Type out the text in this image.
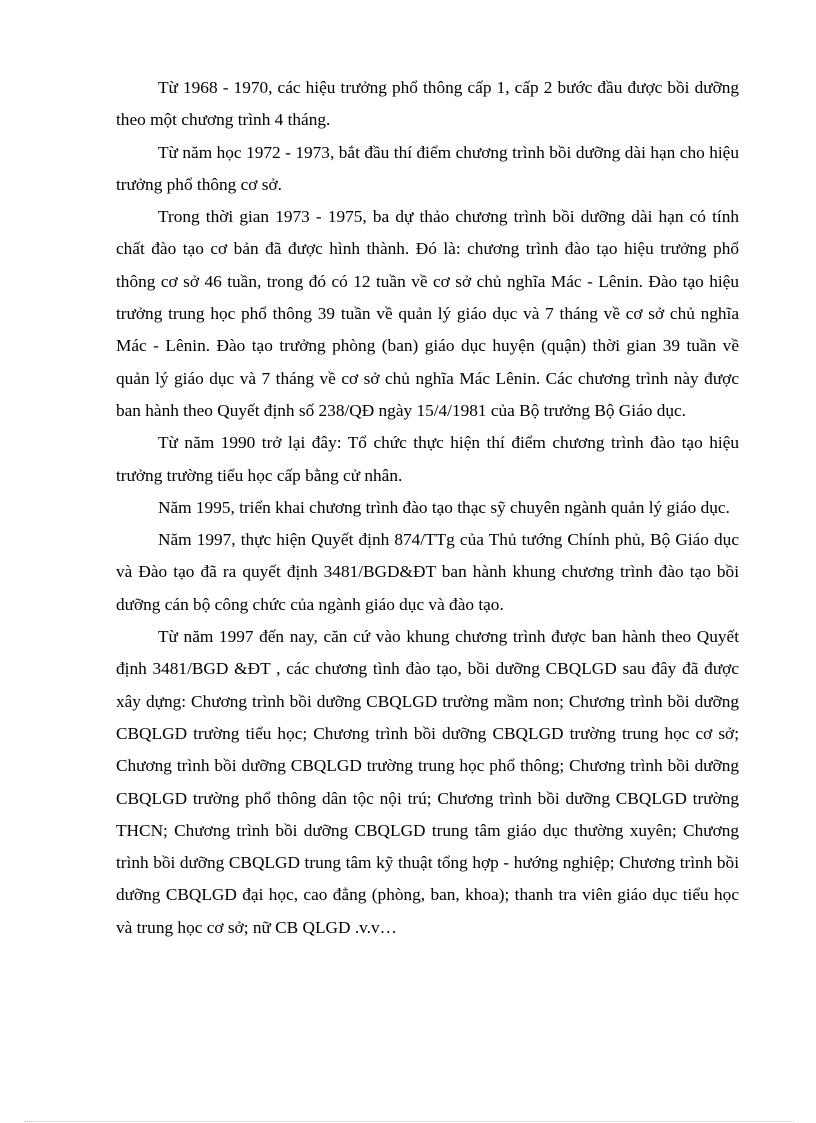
Từ 1968 - 1970, các hiệu trưởng phổ thông cấp 1, cấp 2 bước đầu được bồi dưỡng theo một chương trình 4 tháng.

Từ năm học 1972 - 1973, bắt đầu thí điểm chương trình bồi dưỡng dài hạn cho hiệu trưởng phổ thông cơ sở.

Trong thời gian 1973 - 1975, ba dự thảo chương trình bồi dưỡng dài hạn có tính chất đào tạo cơ bản đã được hình thành. Đó là: chương trình đào tạo hiệu trưởng phổ thông cơ sở 46 tuần, trong đó có 12 tuần về cơ sở chủ nghĩa Mác - Lênin. Đào tạo hiệu trưởng trung học phổ thông 39 tuần về quản lý giáo dục và 7 tháng về cơ sở chủ nghĩa Mác - Lênin. Đào tạo trưởng phòng (ban) giáo dục huyện (quận) thời gian 39 tuần về quản lý giáo dục và 7 tháng về cơ sở chủ nghĩa Mác Lênin. Các chương trình này được ban hành theo Quyết định số 238/QĐ ngày 15/4/1981 của Bộ trưởng Bộ Giáo dục.

Từ năm 1990 trở lại đây: Tổ chức thực hiện thí điểm chương trình đào tạo hiệu trưởng trường tiểu học cấp bằng cử nhân.

Năm 1995, triển khai chương trình đào tạo thạc sỹ chuyên ngành quản lý giáo dục.

Năm 1997, thực hiện Quyết định 874/TTg của Thủ tướng Chính phủ, Bộ Giáo dục và Đào tạo đã ra quyết định 3481/BGD&ĐT ban hành khung chương trình đào tạo bồi dưỡng cán bộ công chức của ngành giáo dục và đào tạo.

Từ năm 1997 đến nay, căn cứ vào khung chương trình được ban hành theo Quyết định 3481/BGD &ĐT , các chương tình đào tạo, bồi dưỡng CBQLGD sau đây đã được xây dựng: Chương trình bồi dưỡng CBQLGD trường mầm non; Chương trình bồi dưỡng CBQLGD trường tiểu học; Chương trình bồi dưỡng CBQLGD trường trung học cơ sở; Chương trình bồi dưỡng CBQLGD trường trung học phổ thông; Chương trình bồi dưỡng CBQLGD trường phổ thông dân tộc nội trú; Chương trình bồi dưỡng CBQLGD trường THCN; Chương trình bồi dưỡng CBQLGD trung tâm giáo dục thường xuyên; Chương trình bồi dưỡng CBQLGD trung tâm kỹ thuật tổng hợp - hướng nghiệp; Chương trình bồi dưỡng CBQLGD đại học, cao đẳng (phòng, ban, khoa); thanh tra viên giáo dục tiểu học và trung học cơ sở; nữ CB QLGD .v.v…
